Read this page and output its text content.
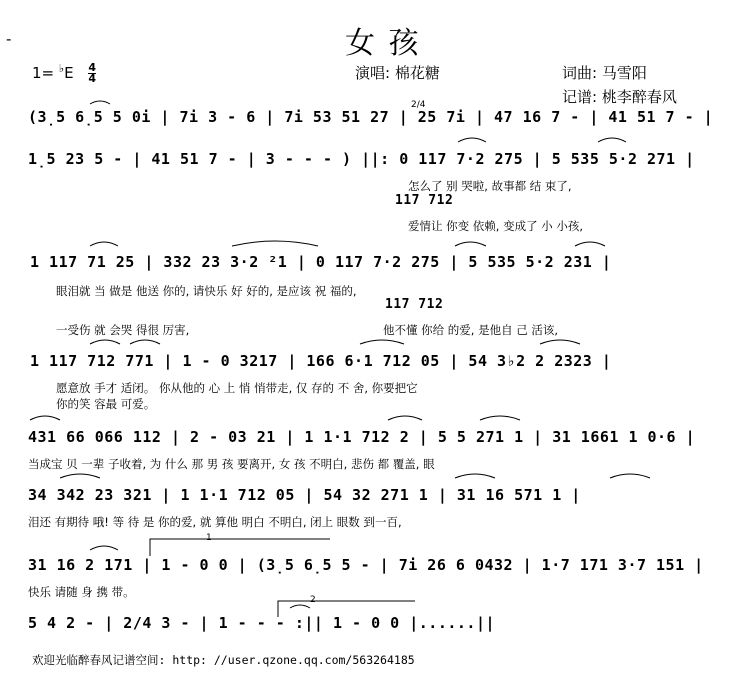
-	女 孩
$1= ^♭E \frac{4}{4}$	演唱: 棉花糖	词曲: 马雪阳
记谱: 桃李醉春风
2/4
(3̣5 6̣5 5 0i | 7i 3 - 6 | 7i 53 51 27 | 25 7i | 47 16 7 - | 41 51 7 - |
1̣5 23 5 - | 41 51 7 - | 3 - - - ) ||: 0 117 7·2 275 | 5 535 5·2 271 |
怎么了 别 哭啦, 故事都 结 束了,
117 712
爱情让 你变 依赖, 变成了 小 小孩,
1 117 71 25 | 332 23 3·2 ²1 | 0 117 7·2 275 | 5 535 5·2 231 |
眼泪就 当 做是 他送 你的, 请快乐 好 好的, 是应该 祝 福的,
117 712
一受伤 就 会哭 得很 厉害,	他不懂 你给 的爱, 是他自 己 活该,
1 117 712 771 | 1 - 0 3217 | 166 6·1 712 05 | 54 3♭2 2 2323 |
愿意放 手才 适闭。 你从他的 心 上 悄 悄带走, 仅 存的 不 舍, 你要把它
你的笑 容最 可爱。
431 66 066 112 | 2 - 03 21 | 1 1·1 712 2 | 5 5 271 1 | 31 1661 1 0·6 |
当成宝 贝 一辈 子收着, 为 什么 那 男 孩 要离开, 女 孩 不明白, 悲伤 都 覆盖, 眼
34 342 23 321 | 1 1·1 712 05 | 54 32 271 1 | 31 16 571 1 |
泪还 有期待 哦! 等 待 是 你的爱, 就 算他 明白 不明白, 闭上 眼数 到一百,
1
31 16 2 171 | 1 - 0 0 | (3̣5 6̣5 5 - | 7i 26 6 0432 | 1·7 171 3·7 151 |
快乐 请随 身 携 带。
2
5 4 2 - | 2/4 3 - | 1 - - - :|| 1 - 0 0 |......||
欢迎光临醉春风记谱空间: http: //user.qzone.qq.com/563264185
